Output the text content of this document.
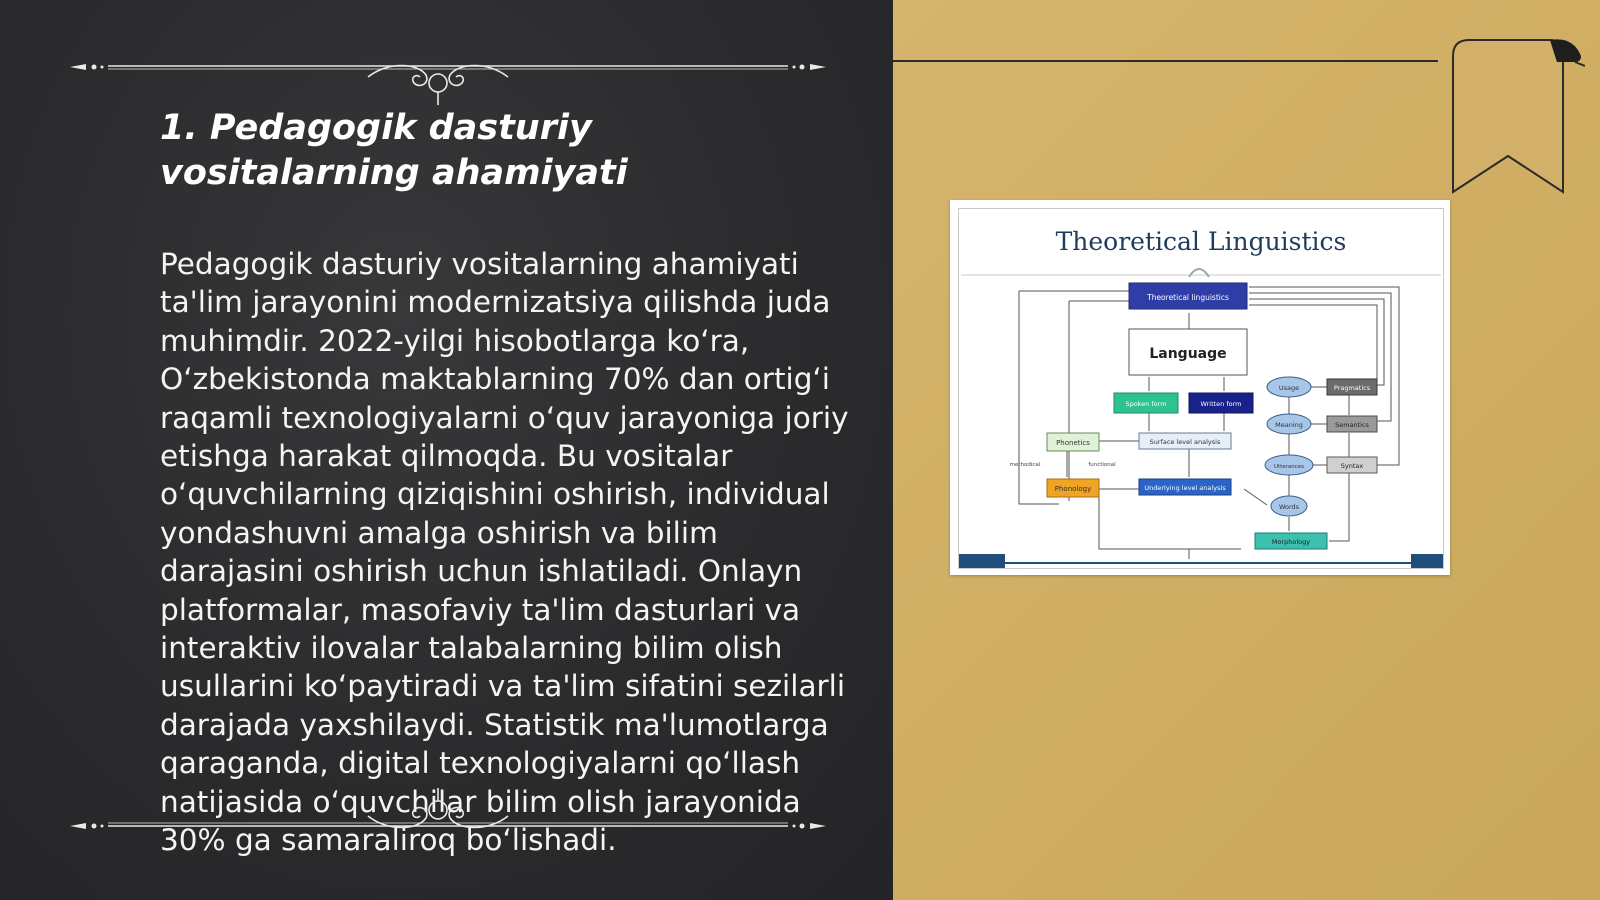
1. Pedagogik dasturiy vositalarning ahamiyati
Pedagogik dasturiy vositalarning ahamiyati ta'lim jarayonini modernizatsiya qilishda juda muhimdir. 2022-yilgi hisobotlarga ko‘ra, O‘zbekistonda maktablarning 70% dan ortig‘i raqamli texnologiyalarni o‘quv jarayoniga joriy etishga harakat qilmoqda. Bu vositalar o‘quvchilarning qiziqishini oshirish, individual yondashuvni amalga oshirish va bilim darajasini oshirish uchun ishlatiladi. Onlayn platformalar, masofaviy ta'lim dasturlari va interaktiv ilovalar talabalarning bilim olish usullarini ko‘paytiradi va ta'lim sifatini sezilarli darajada yaxshilaydi. Statistik ma'lumotlarga qaraganda, digital texnologiyalarni qo‘llash natijasida o‘quvchilar bilim olish jarayonida 30% ga samaraliroq bo‘lishadi.
Theoretical Linguistics
Theoretical linguistics
Language
Spoken form	Written form
Phonetics	Surface level analysis
Phonology	Underlying level analysis
methodical	functional
Usage
Meaning
Utterances
Words
Pragmatics
Semantics
Syntax
Morphology
